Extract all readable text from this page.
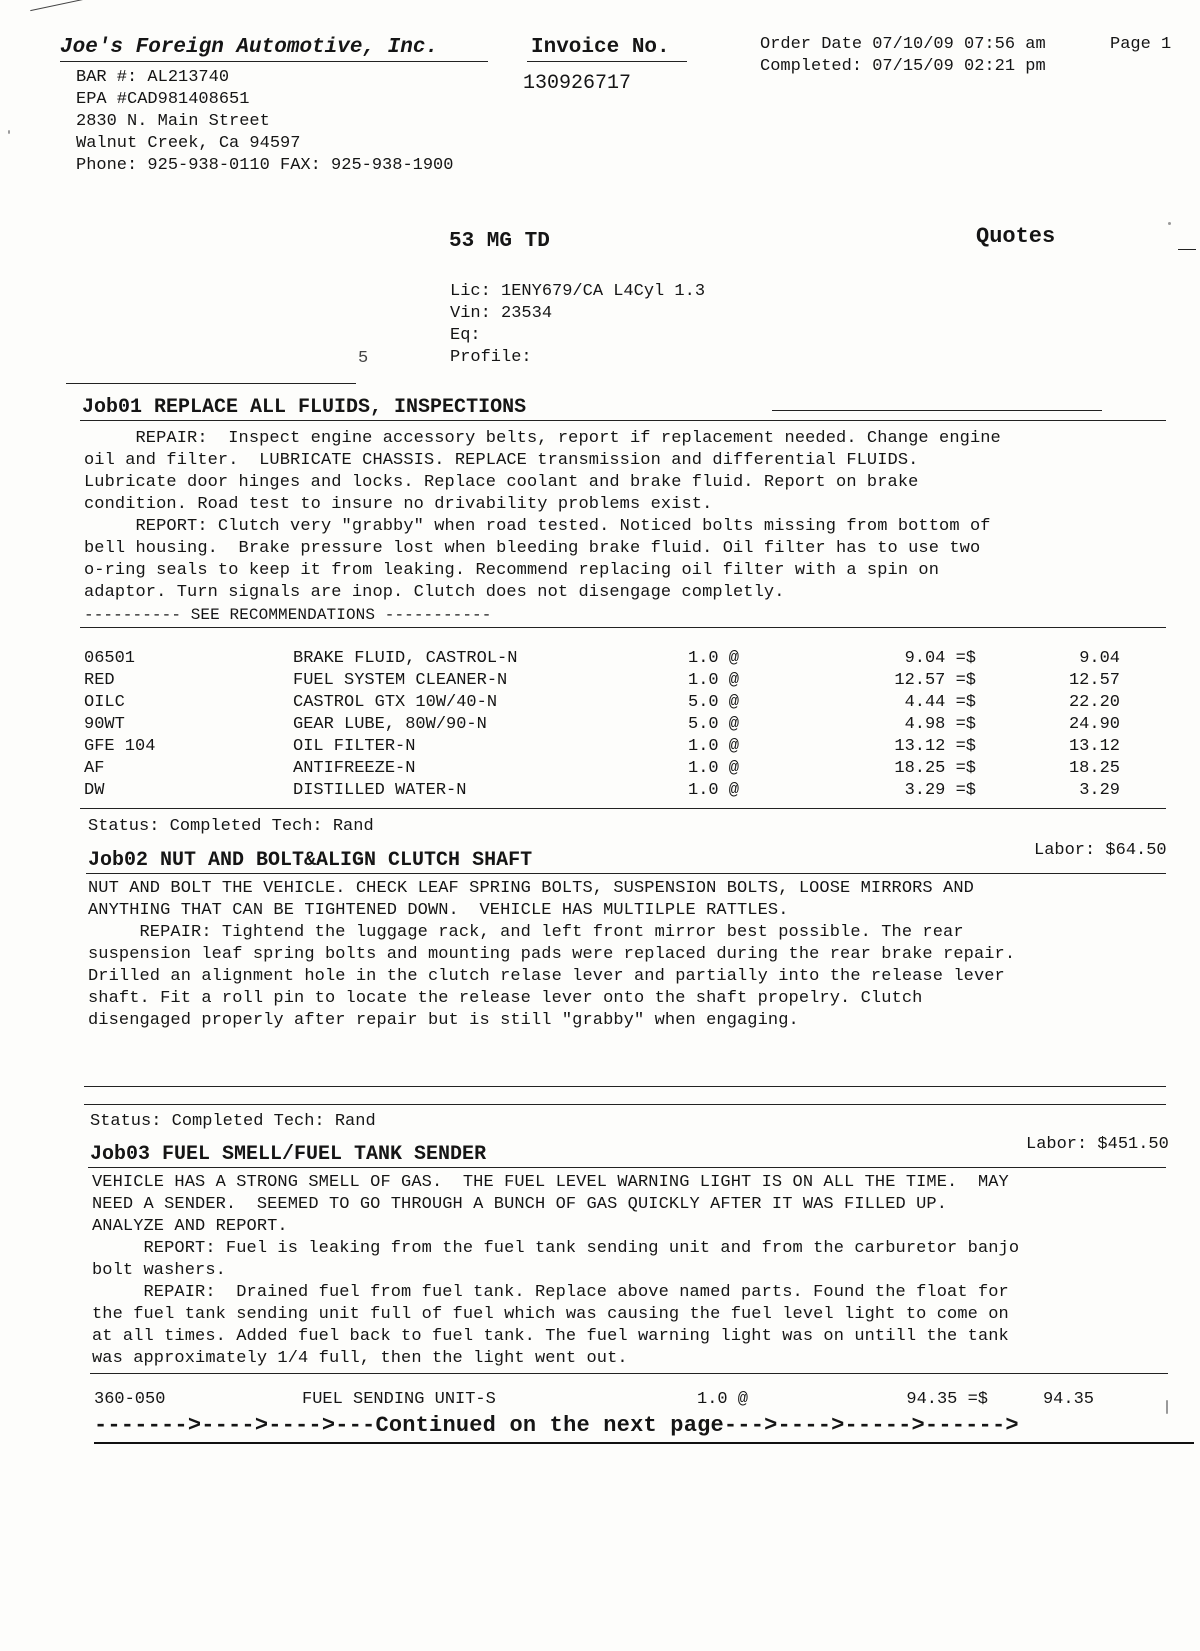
Joe's Foreign Automotive, Inc.
BAR #: AL213740
EPA #CAD981408651
2830 N. Main Street
Walnut Creek, Ca 94597
Phone: 925-938-0110 FAX: 925-938-1900
Invoice No.
130926717
Order Date 07/10/09 07:56 am	Page 1
Completed: 07/15/09 02:21 pm
53 MG TD	Quotes
Lic: 1ENY679/CA L4Cyl 1.3
Vin: 23534
Eq:
Profile:
5
Job01 REPLACE ALL FLUIDS, INSPECTIONS
REPAIR:  Inspect engine accessory belts, report if replacement needed. Change engine
oil and filter.  LUBRICATE CHASSIS. REPLACE transmission and differential FLUIDS.
Lubricate door hinges and locks. Replace coolant and brake fluid. Report on brake
condition. Road test to insure no drivability problems exist.
REPORT: Clutch very "grabby" when road tested. Noticed bolts missing from bottom of
bell housing.  Brake pressure lost when bleeding brake fluid. Oil filter has to use two
o-ring seals to keep it from leaking. Recommend replacing oil filter with a spin on
adaptor. Turn signals are inop. Clutch does not disengage completly.
---------- SEE RECOMMENDATIONS -----------
06501	BRAKE FLUID, CASTROL-N	1.0 @	9.04 =$	9.04
RED	FUEL SYSTEM CLEANER-N	1.0 @	12.57 =$	12.57
OILC	CASTROL GTX 10W/40-N	5.0 @	4.44 =$	22.20
90WT	GEAR LUBE, 80W/90-N	5.0 @	4.98 =$	24.90
GFE 104	OIL FILTER-N	1.0 @	13.12 =$	13.12
AF	ANTIFREEZE-N	1.0 @	18.25 =$	18.25
DW	DISTILLED WATER-N	1.0 @	3.29 =$	3.29
Status: Completed Tech: Rand
Job02 NUT AND BOLT&ALIGN CLUTCH SHAFT	Labor: $64.50
NUT AND BOLT THE VEHICLE. CHECK LEAF SPRING BOLTS, SUSPENSION BOLTS, LOOSE MIRRORS AND
ANYTHING THAT CAN BE TIGHTENED DOWN.  VEHICLE HAS MULTILPLE RATTLES.
REPAIR: Tightend the luggage rack, and left front mirror best possible. The rear
suspension leaf spring bolts and mounting pads were replaced during the rear brake repair.
Drilled an alignment hole in the clutch relase lever and partially into the release lever
shaft. Fit a roll pin to locate the release lever onto the shaft propelry. Clutch
disengaged properly after repair but is still "grabby" when engaging.
Status: Completed Tech: Rand
Job03 FUEL SMELL/FUEL TANK SENDER	Labor: $451.50
VEHICLE HAS A STRONG SMELL OF GAS.  THE FUEL LEVEL WARNING LIGHT IS ON ALL THE TIME.  MAY
NEED A SENDER.  SEEMED TO GO THROUGH A BUNCH OF GAS QUICKLY AFTER IT WAS FILLED UP.
ANALYZE AND REPORT.
REPORT: Fuel is leaking from the fuel tank sending unit and from the carburetor banjo
bolt washers.
REPAIR:  Drained fuel from fuel tank. Replace above named parts. Found the float for
the fuel tank sending unit full of fuel which was causing the fuel level light to come on
at all times. Added fuel back to fuel tank. The fuel warning light was on untill the tank
was approximately 1/4 full, then the light went out.
360-050	FUEL SENDING UNIT-S	1.0 @	94.35 =$	94.35
------->---->---->---Continued on the next page--->---->----->------>
